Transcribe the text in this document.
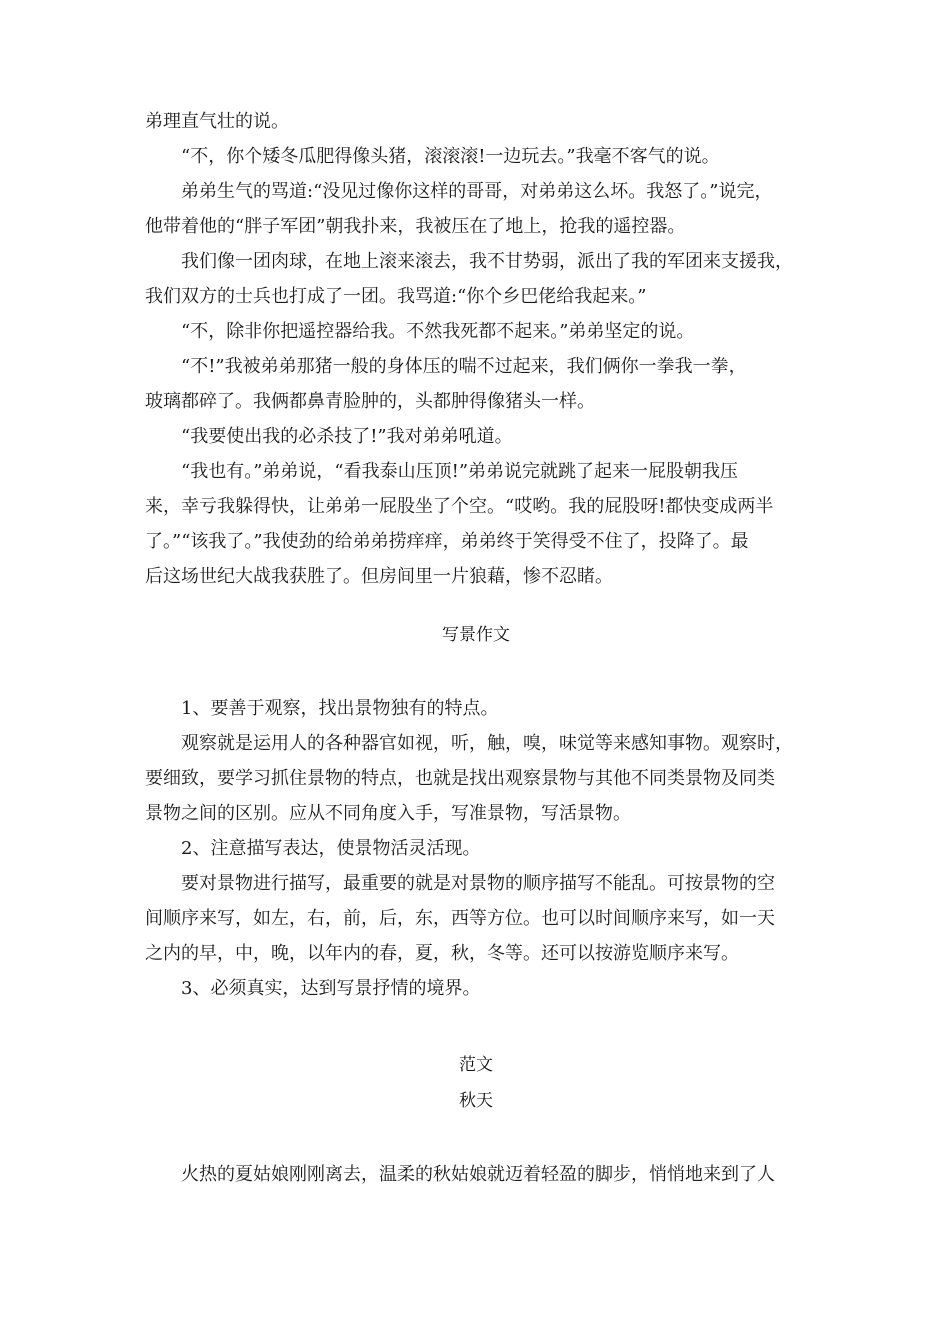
弟理直气壮的说。

“不，你个矮冬瓜肥得像头猪，滚滚滚!一边玩去。”我毫不客气的说。

弟弟生气的骂道:“没见过像你这样的哥哥，对弟弟这么坏。我怒了。”说完，

他带着他的“胖子军团”朝我扑来，我被压在了地上，抢我的遥控器。

我们像一团肉球，在地上滚来滚去，我不甘势弱，派出了我的军团来支援我，

我们双方的士兵也打成了一团。我骂道:“你个乡巴佬给我起来。”

“不，除非你把遥控器给我。不然我死都不起来。”弟弟坚定的说。

“不!”我被弟弟那猪一般的身体压的喘不过起来，我们俩你一拳我一拳，

玻璃都碎了。我俩都鼻青脸肿的，头都肿得像猪头一样。

“我要使出我的必杀技了!”我对弟弟吼道。

“我也有。”弟弟说，“看我泰山压顶!”弟弟说完就跳了起来一屁股朝我压

来，幸亏我躲得快，让弟弟一屁股坐了个空。“哎哟。我的屁股呀!都快变成两半

了。”“该我了。”我使劲的给弟弟捞痒痒，弟弟终于笑得受不住了，投降了。最

后这场世纪大战我获胜了。但房间里一片狼藉，惨不忍睹。

写景作文

1、要善于观察，找出景物独有的特点。

观察就是运用人的各种器官如视，听，触，嗅，味觉等来感知事物。观察时，

要细致，要学习抓住景物的特点，也就是找出观察景物与其他不同类景物及同类

景物之间的区别。应从不同角度入手，写准景物，写活景物。

2、注意描写表达，使景物活灵活现。

要对景物进行描写，最重要的就是对景物的顺序描写不能乱。可按景物的空

间顺序来写，如左，右，前，后，东，西等方位。也可以时间顺序来写，如一天

之内的早，中，晚，以年内的春，夏，秋，冬等。还可以按游览顺序来写。

3、必须真实，达到写景抒情的境界。

范文

秋天

火热的夏姑娘刚刚离去，温柔的秋姑娘就迈着轻盈的脚步，悄悄地来到了人
